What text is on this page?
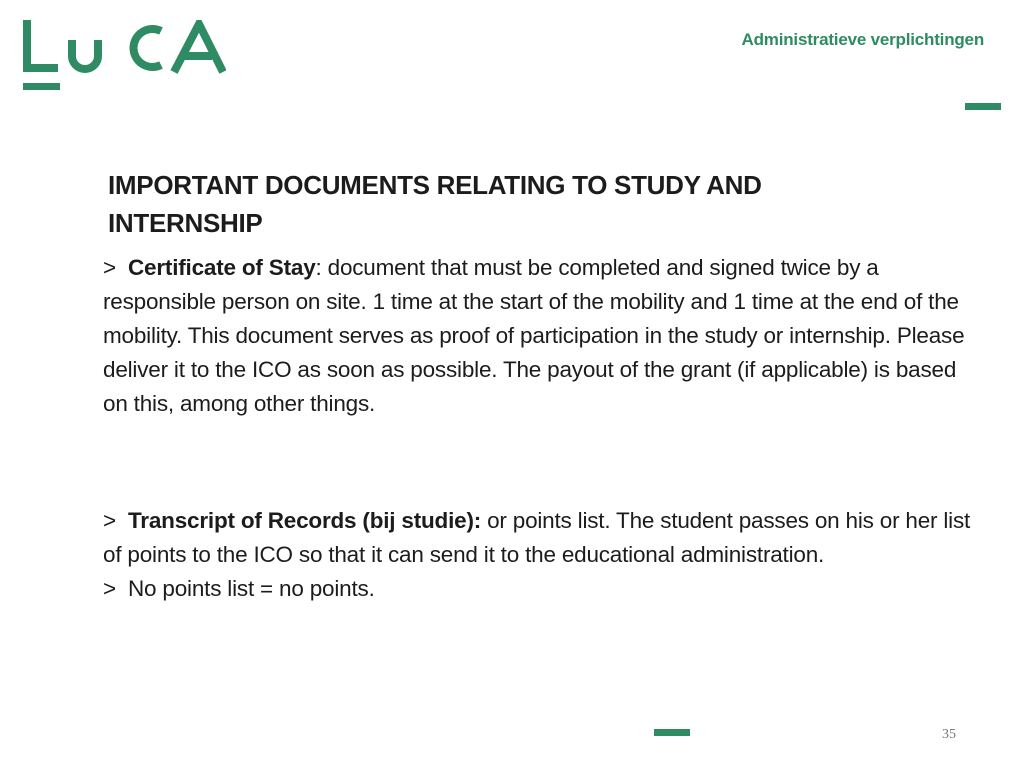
Administratieve verplichtingen
IMPORTANT DOCUMENTS RELATING TO STUDY AND INTERNSHIP
> Certificate of Stay: document that must be completed and signed twice by a responsible person on site. 1 time at the start of the mobility and 1 time at the end of the mobility. This document serves as proof of participation in the study or internship. Please deliver it to the ICO as soon as possible. The payout of the grant (if applicable) is based on this, among other things.
> Transcript of Records (bij studie): or points list. The student passes on his or her list of points to the ICO so that it can send it to the educational administration.
> No points list = no points.
35
